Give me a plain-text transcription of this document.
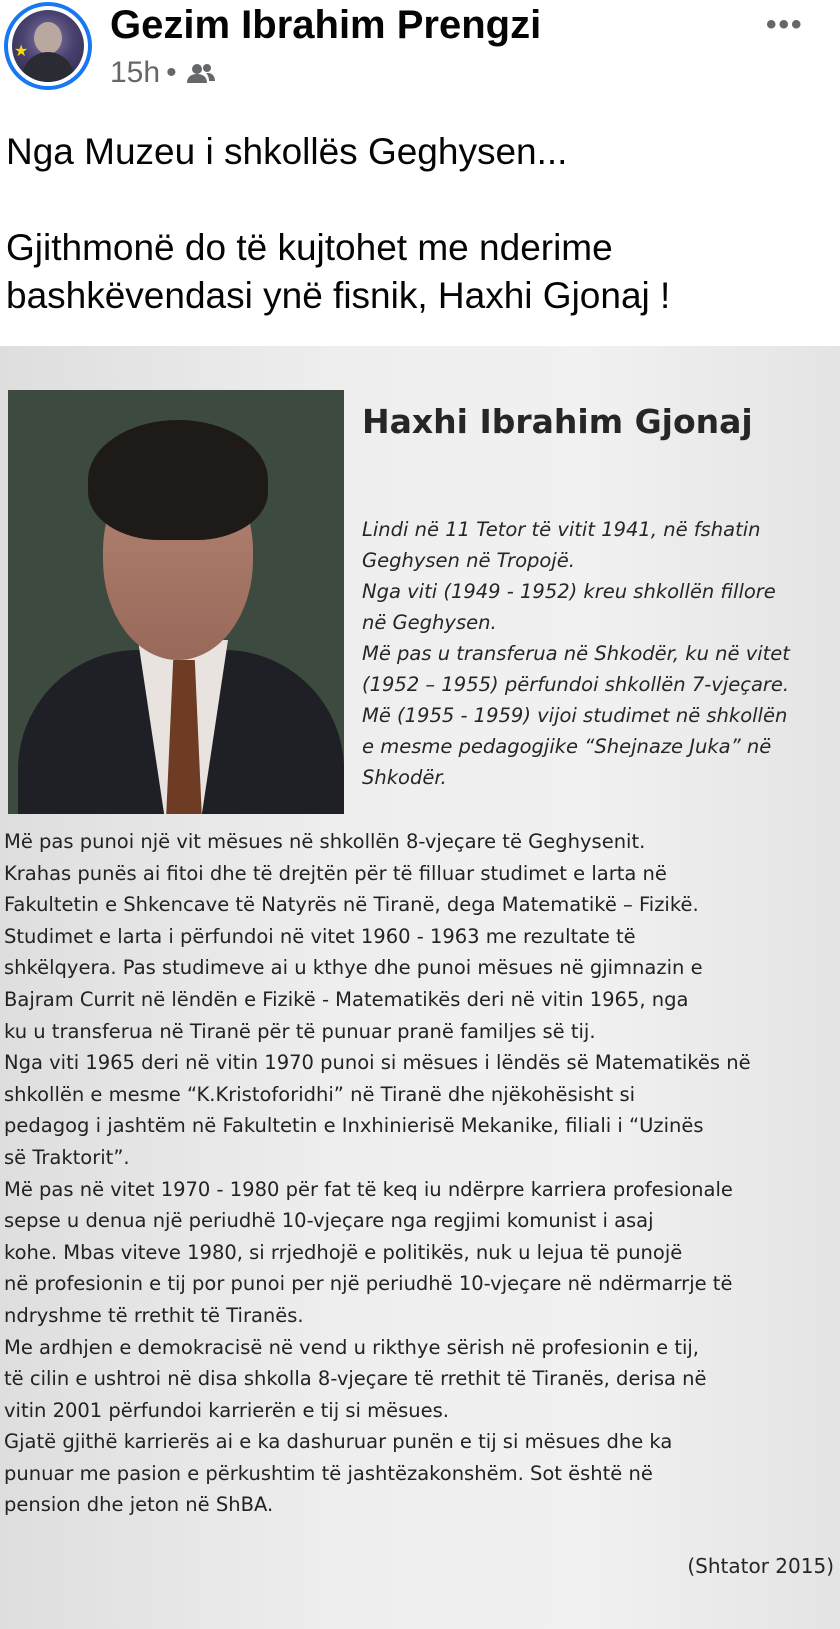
★
Gezim Ibrahim Prengzi
15h •
•••

Nga Muzeu i shkollës Geghysen...

Gjithmonë do të kujtohet me nderime

bashkëvendasi ynë fisnik, Haxhi Gjonaj !

Haxhi Ibrahim Gjonaj
Lindi në 11 Tetor të vitit 1941, në fshatin
Geghysen në Tropojë.
Nga viti (1949 - 1952) kreu shkollën fillore
në Geghysen.
Më pas u transferua në Shkodër, ku në vitet
(1952 – 1955) përfundoi shkollën 7-vjeçare.
Më (1955 - 1959) vijoi studimet në shkollën
e mesme pedagogjike “Shejnaze Juka” në
Shkodër.
Më pas punoi një vit mësues në shkollën 8-vjeçare të Geghysenit.
Krahas punës ai fitoi dhe të drejtën për të filluar studimet e larta në
Fakultetin e Shkencave të Natyrës në Tiranë, dega Matematikë – Fizikë.
Studimet e larta i përfundoi në vitet 1960 - 1963 me rezultate të
shkëlqyera. Pas studimeve ai u kthye dhe punoi mësues në gjimnazin e
Bajram Currit në lëndën e Fizikë - Matematikës deri në vitin 1965, nga
ku u transferua në Tiranë për të punuar pranë familjes së tij.
Nga viti 1965 deri në vitin 1970 punoi si mësues i lëndës së Matematikës në
shkollën e mesme “K.Kristoforidhi” në Tiranë dhe njëkohësisht si
pedagog i jashtëm në Fakultetin e Inxhinierisë Mekanike, filiali i “Uzinës
së Traktorit”.
Më pas në vitet 1970 - 1980 për fat të keq iu ndërpre karriera profesionale
sepse u denua një periudhë 10-vjeçare nga regjimi komunist i asaj
kohe. Mbas viteve 1980, si rrjedhojë e politikës, nuk u lejua të punojë
në profesionin e tij por punoi per një periudhë 10-vjeçare në ndërmarrje të
ndryshme të rrethit të Tiranës.
Me ardhjen e demokracisë në vend u rikthye sërish në profesionin e tij,
të cilin e ushtroi në disa shkolla 8-vjeçare të rrethit të Tiranës, derisa në
vitin 2001 përfundoi karrierën e tij si mësues.
Gjatë gjithë karrierës ai e ka dashuruar punën e tij si mësues dhe ka
punuar me pasion e përkushtim të jashtëzakonshëm. Sot është në
pension dhe jeton në ShBA.
(Shtator 2015)
